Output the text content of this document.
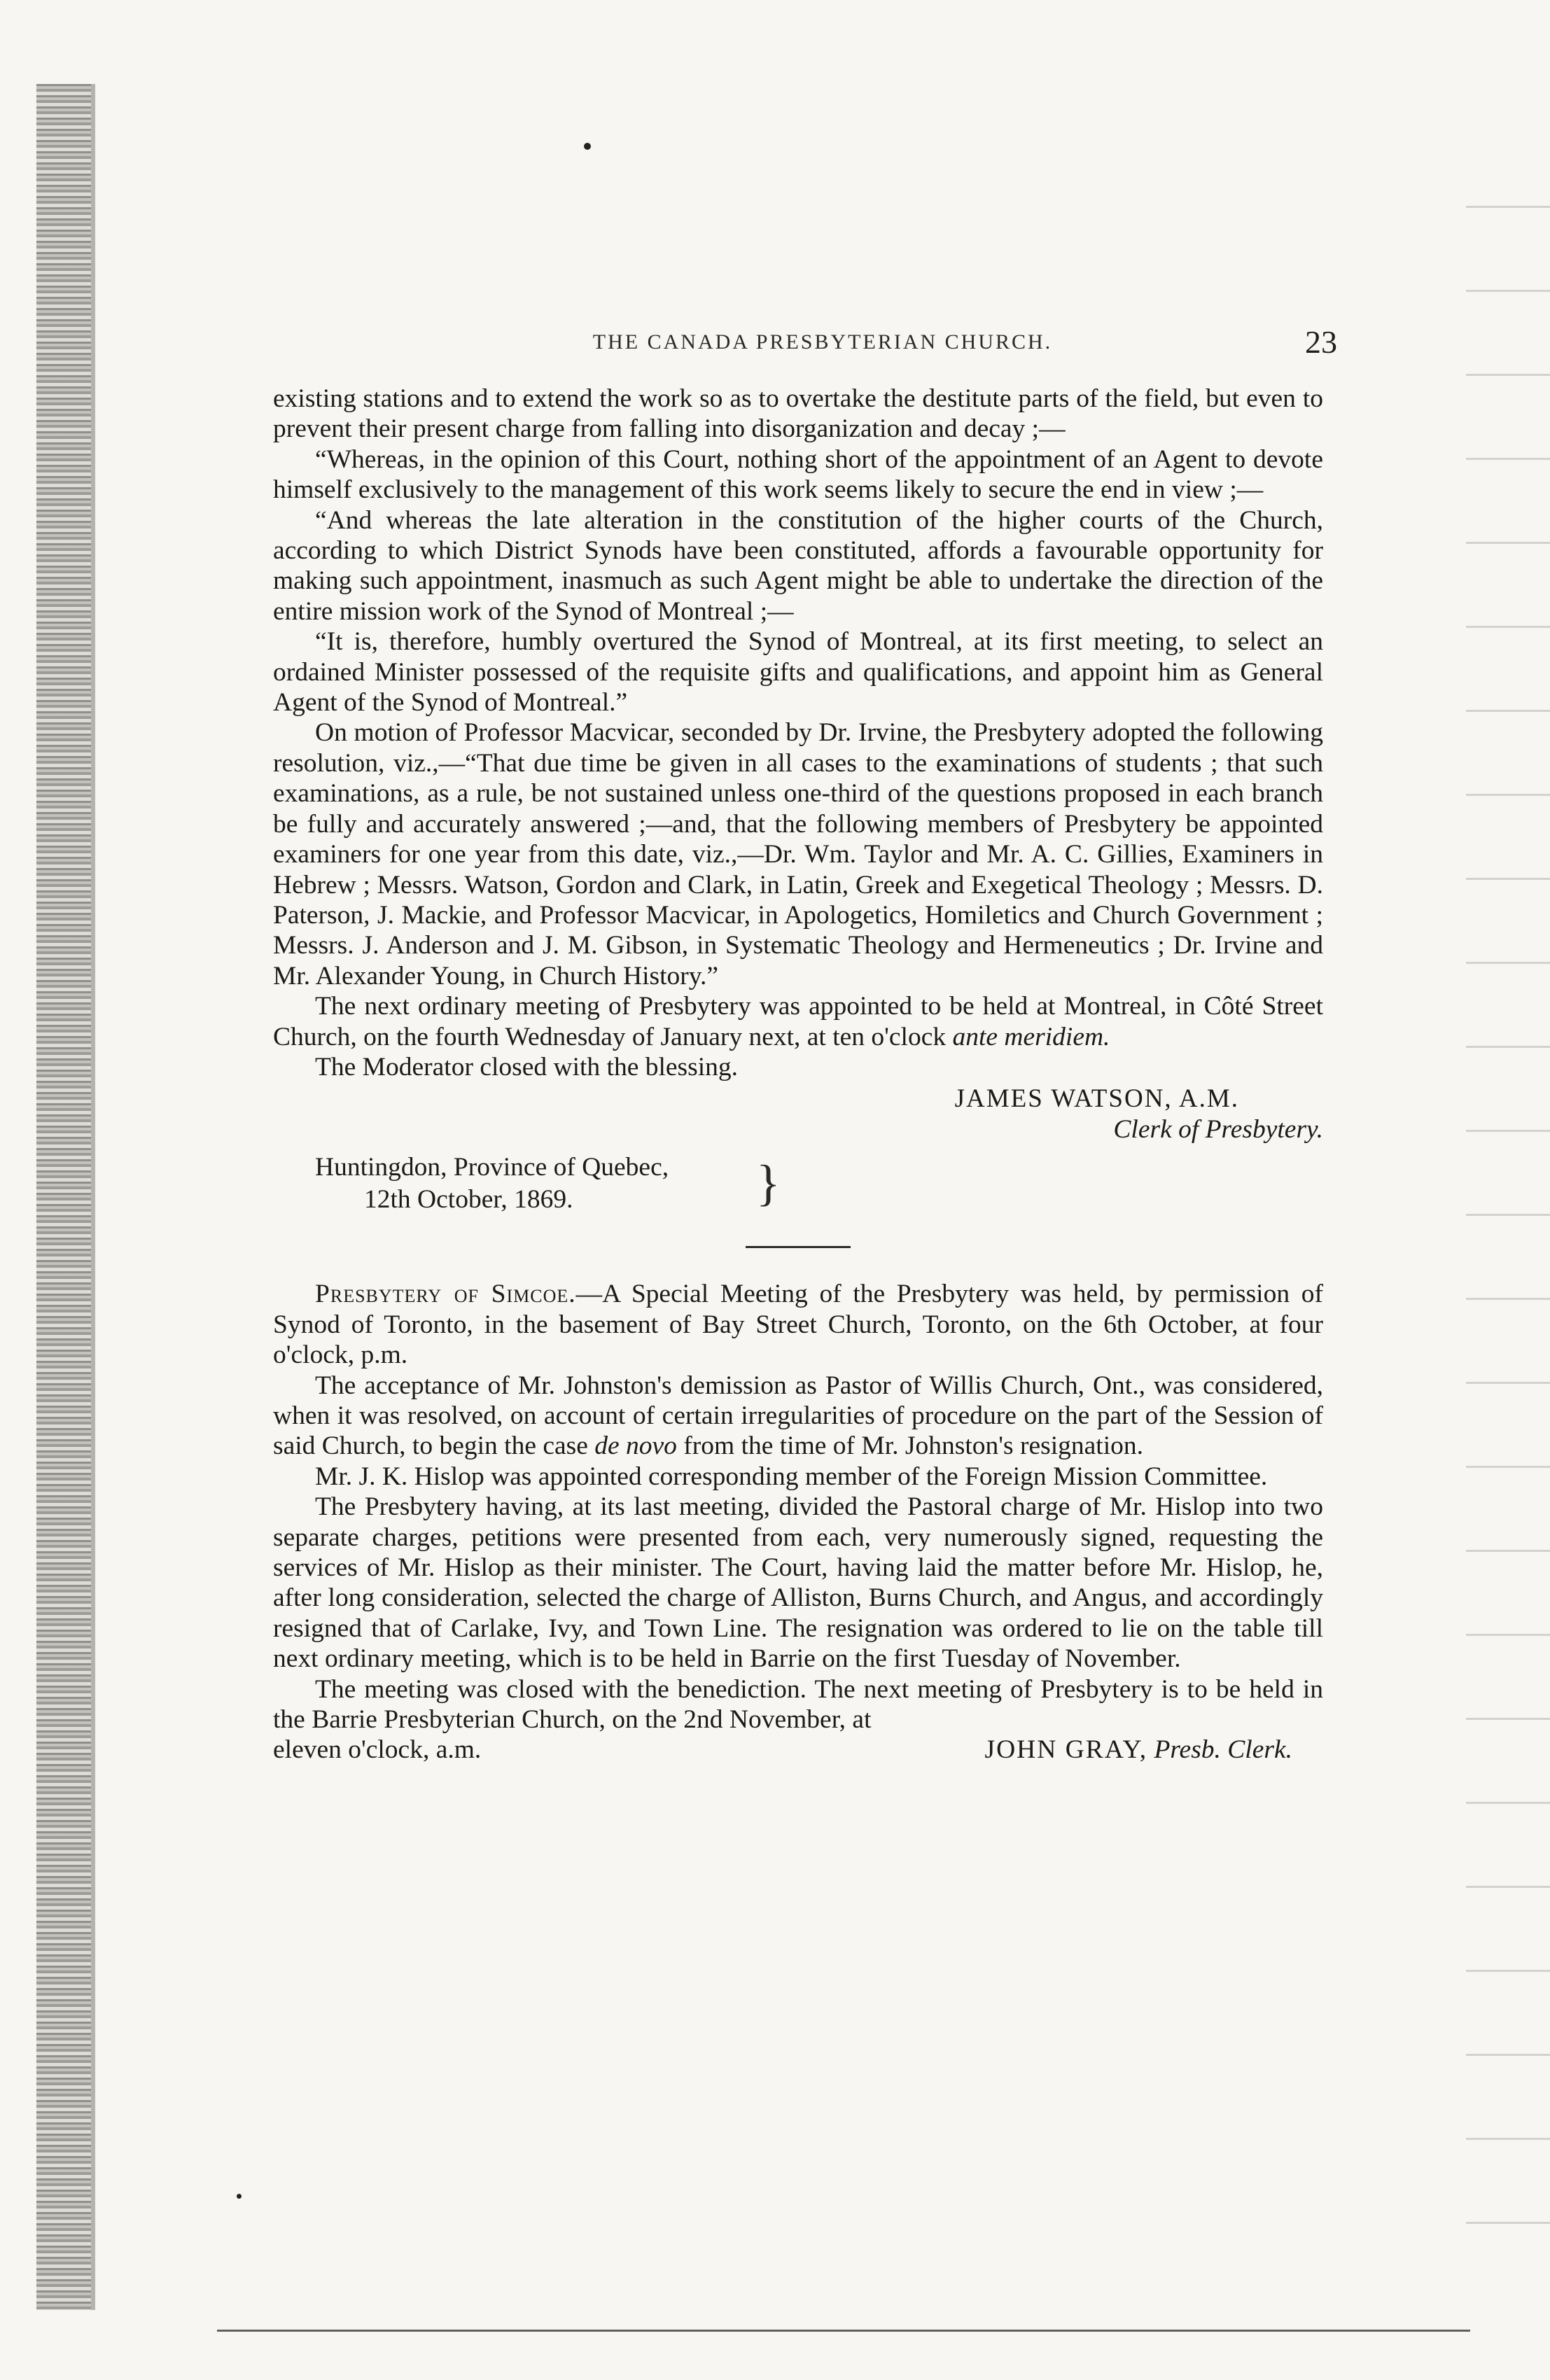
THE CANADA PRESBYTERIAN CHURCH.	23

existing stations and to extend the work so as to overtake the destitute parts of the field, but even to prevent their present charge from falling into disorganization and decay ;—

“Whereas, in the opinion of this Court, nothing short of the appointment of an Agent to devote himself exclusively to the management of this work seems likely to secure the end in view ;—

“And whereas the late alteration in the constitution of the higher courts of the Church, according to which District Synods have been constituted, affords a favourable opportunity for making such appointment, inasmuch as such Agent might be able to undertake the direction of the entire mission work of the Synod of Montreal ;—

“It is, therefore, humbly overtured the Synod of Montreal, at its first meeting, to select an ordained Minister possessed of the requisite gifts and qualifications, and appoint him as General Agent of the Synod of Montreal.”

On motion of Professor Macvicar, seconded by Dr. Irvine, the Presbytery adopted the following resolution, viz.,—“That due time be given in all cases to the examinations of students ; that such examinations, as a rule, be not sustained unless one-third of the questions proposed in each branch be fully and accurately answered ;—and, that the following members of Presbytery be appointed examiners for one year from this date, viz.,—Dr. Wm. Taylor and Mr. A. C. Gillies, Examiners in Hebrew ; Messrs. Watson, Gordon and Clark, in Latin, Greek and Exegetical Theology ; Messrs. D. Paterson, J. Mackie, and Professor Macvicar, in Apologetics, Homiletics and Church Government ; Messrs. J. Anderson and J. M. Gibson, in Systematic Theology and Hermeneutics ; Dr. Irvine and Mr. Alexander Young, in Church History.”

The next ordinary meeting of Presbytery was appointed to be held at Montreal, in Côté Street Church, on the fourth Wednesday of January next, at ten o'clock ante meridiem.

The Moderator closed with the blessing.

JAMES WATSON, A.M.
Clerk of Presbytery.
Huntingdon, Province of Quebec,
12th October, 1869.	}

Presbytery of Simcoe.—A Special Meeting of the Presbytery was held, by permission of Synod of Toronto, in the basement of Bay Street Church, Toronto, on the 6th October, at four o'clock, p.m.

The acceptance of Mr. Johnston's demission as Pastor of Willis Church, Ont., was considered, when it was resolved, on account of certain irregularities of procedure on the part of the Session of said Church, to begin the case de novo from the time of Mr. Johnston's resignation.

Mr. J. K. Hislop was appointed corresponding member of the Foreign Mission Committee.

The Presbytery having, at its last meeting, divided the Pastoral charge of Mr. Hislop into two separate charges, petitions were presented from each, very numerously signed, requesting the services of Mr. Hislop as their minister. The Court, having laid the matter before Mr. Hislop, he, after long consideration, selected the charge of Alliston, Burns Church, and Angus, and accordingly resigned that of Carlake, Ivy, and Town Line. The resignation was ordered to lie on the table till next ordinary meeting, which is to be held in Barrie on the first Tuesday of November.

The meeting was closed with the benediction. The next meeting of Presbytery is to be held in the Barrie Presbyterian Church, on the 2nd November, at

eleven o'clock, a.m.	JOHN GRAY, Presb. Clerk.
